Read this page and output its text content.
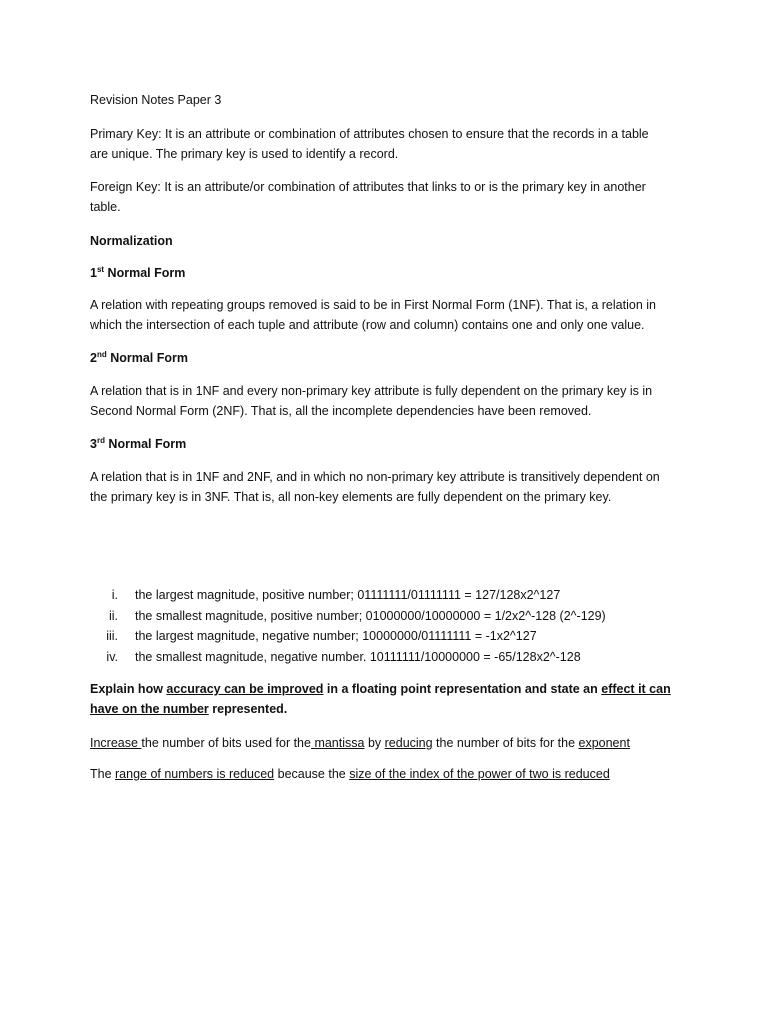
Revision Notes Paper 3

Primary Key: It is an attribute or combination of attributes chosen to ensure that the records in a table

are unique. The primary key is used to identify a record.

Foreign Key: It is an attribute/or combination of attributes that links to or is the primary key in another

table.

Normalization

1st Normal Form

A relation with repeating groups removed is said to be in First Normal Form (1NF). That is, a relation in

which the intersection of each tuple and attribute (row and column) contains one and only one value.

2nd Normal Form

A relation that is in 1NF and every non-primary key attribute is fully dependent on the primary key is in

Second Normal Form (2NF). That is, all the incomplete dependencies have been removed.

3rd Normal Form

A relation that is in 1NF and 2NF, and in which no non-primary key attribute is transitively dependent on

the primary key is in 3NF. That is, all non-key elements are fully dependent on the primary key.

i. the largest magnitude, positive number; 01111111/01111111 = 127/128x2^127
ii. the smallest magnitude, positive number; 01000000/10000000 = 1/2x2^-128 (2^-129)
iii. the largest magnitude, negative number; 10000000/01111111 = -1x2^127
iv. the smallest magnitude, negative number. 10111111/10000000 = -65/128x2^-128

Explain how accuracy can be improved in a floating point representation and state an effect it can

have on the number represented.

Increase the number of bits used for the mantissa by reducing the number of bits for the exponent

The range of numbers is reduced because the size of the index of the power of two is reduced
